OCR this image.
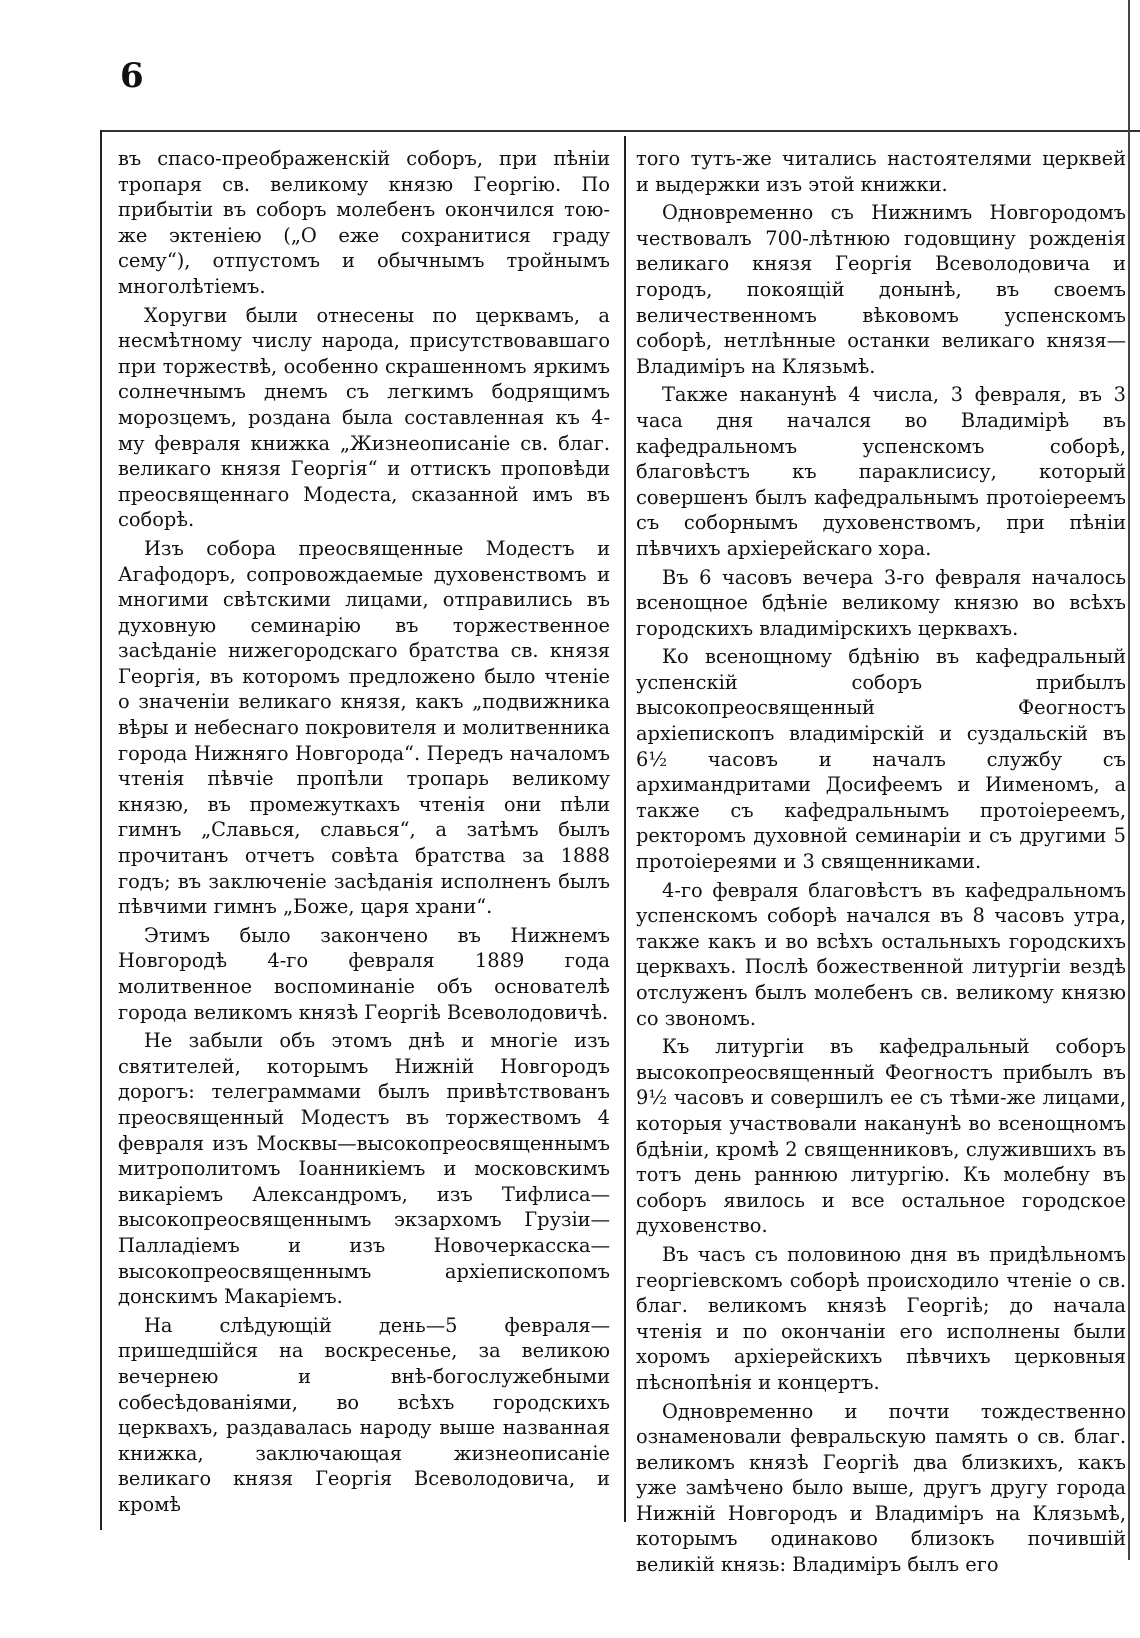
6

въ спасо-преображенскій соборъ, при пѣніи тропаря св. великому князю Георгію. По прибытіи въ соборъ молебенъ окончился тою-же эктеніею („О еже сохранитися граду сему“), отпустомъ и обычнымъ тройнымъ многолѣтіемъ.

Хоругви были отнесены по церквамъ, а несмѣтному числу народа, присутствовавшаго при торжествѣ, особенно скрашенномъ яркимъ солнечнымъ днемъ съ легкимъ бодрящимъ морозцемъ, роздана была составленная къ 4-му февраля книжка „Жизнеописаніе св. благ. великаго князя Георгія“ и оттискъ проповѣди преосвященнаго Модеста, сказанной имъ въ соборѣ.

Изъ собора преосвященные Модестъ и Агафодоръ, сопровождаемые духовенствомъ и многими свѣтскими лицами, отправились въ духовную семинарію въ торжественное засѣданіе нижегородскаго братства св. князя Георгія, въ которомъ предложено было чтеніе о значеніи великаго князя, какъ „подвижника вѣры и небеснаго покровителя и молитвенника города Нижняго Новгорода“. Передъ началомъ чтенія пѣвчіе пропѣли тропарь великому князю, въ промежуткахъ чтенія они пѣли гимнъ „Славься, славься“, а затѣмъ былъ прочитанъ отчетъ совѣта братства за 1888 годъ; въ заключеніе засѣданія исполненъ былъ пѣвчими гимнъ „Боже, царя храни“.

Этимъ было закончено въ Нижнемъ Новгородѣ 4-го февраля 1889 года молитвенное воспоминаніе объ основателѣ города великомъ князѣ Георгіѣ Всеволодовичѣ.

Не забыли объ этомъ днѣ и многіе изъ святителей, которымъ Нижній Новгородъ дорогъ: телеграммами былъ привѣтствованъ преосвященный Модестъ въ торжествомъ 4 февраля изъ Москвы—высокопреосвященнымъ митрополитомъ Іоанникіемъ и московскимъ викаріемъ Александромъ, изъ Тифлиса—высокопреосвященнымъ экзархомъ Грузіи—Палладіемъ и изъ Новочеркасска—высокопреосвященнымъ архіепископомъ донскимъ Макаріемъ.

На слѣдующій день—5 февраля—пришедшійся на воскресенье, за великою вечернею и внѣ-богослужебными собесѣдованіями, во всѣхъ городскихъ церквахъ, раздавалась народу выше названная книжка, заключающая жизнеописаніе великаго князя Георгія Всеволодовича, и кромѣ

того тутъ-же читались настоятелями церквей и выдержки изъ этой книжки.

Одновременно съ Нижнимъ Новгородомъ чествовалъ 700-лѣтнюю годовщину рожденія великаго князя Георгія Всеволодовича и городъ, покоящій донынѣ, въ своемъ величественномъ вѣковомъ успенскомъ соборѣ, нетлѣнные останки великаго князя— Владиміръ на Клязьмѣ.

Также наканунѣ 4 числа, 3 февраля, въ 3 часа дня начался во Владимірѣ въ кафедральномъ успенскомъ соборѣ, благовѣстъ къ параклисису, который совершенъ былъ кафедральнымъ протоіереемъ съ соборнымъ духовенствомъ, при пѣніи пѣвчихъ архіерейскаго хора.

Въ 6 часовъ вечера 3-го февраля началось всенощное бдѣніе великому князю во всѣхъ городскихъ владимірскихъ церквахъ.

Ко всенощному бдѣнію въ кафедральный успенскій соборъ прибылъ высокопреосвященный Феогностъ архіепископъ владимірскій и суздальскій въ 6½ часовъ и началъ службу съ архимандритами Досифеемъ и Иименомъ, а также съ кафедральнымъ протоіереемъ, ректоромъ духовной семинаріи и съ другими 5 протоіереями и 3 священниками.

4-го февраля благовѣстъ въ кафедральномъ успенскомъ соборѣ начался въ 8 часовъ утра, также какъ и во всѣхъ остальныхъ городскихъ церквахъ. Послѣ божественной литургіи вездѣ отслуженъ былъ молебенъ св. великому князю со звономъ.

Къ литургіи въ кафедральный соборъ высокопреосвященный Феогностъ прибылъ въ 9½ часовъ и совершилъ ее съ тѣми-же лицами, которыя участвовали наканунѣ во всенощномъ бдѣніи, кромѣ 2 священниковъ, служившихъ въ тотъ день раннюю литургію. Къ молебну въ соборъ явилось и все остальное городское духовенство.

Въ часъ съ половиною дня въ придѣльномъ георгіевскомъ соборѣ происходило чтеніе о св. благ. великомъ князѣ Георгіѣ; до начала чтенія и по окончаніи его исполнены были хоромъ архіерейскихъ пѣвчихъ церковныя пѣснопѣнія и концертъ.

Одновременно и почти тождественно ознаменовали февральскую память о св. благ. великомъ князѣ Георгіѣ два близкихъ, какъ уже замѣчено было выше, другъ другу города Нижній Новгородъ и Владиміръ на Клязьмѣ, которымъ одинаково близокъ почившій великій князь: Владиміръ былъ его
